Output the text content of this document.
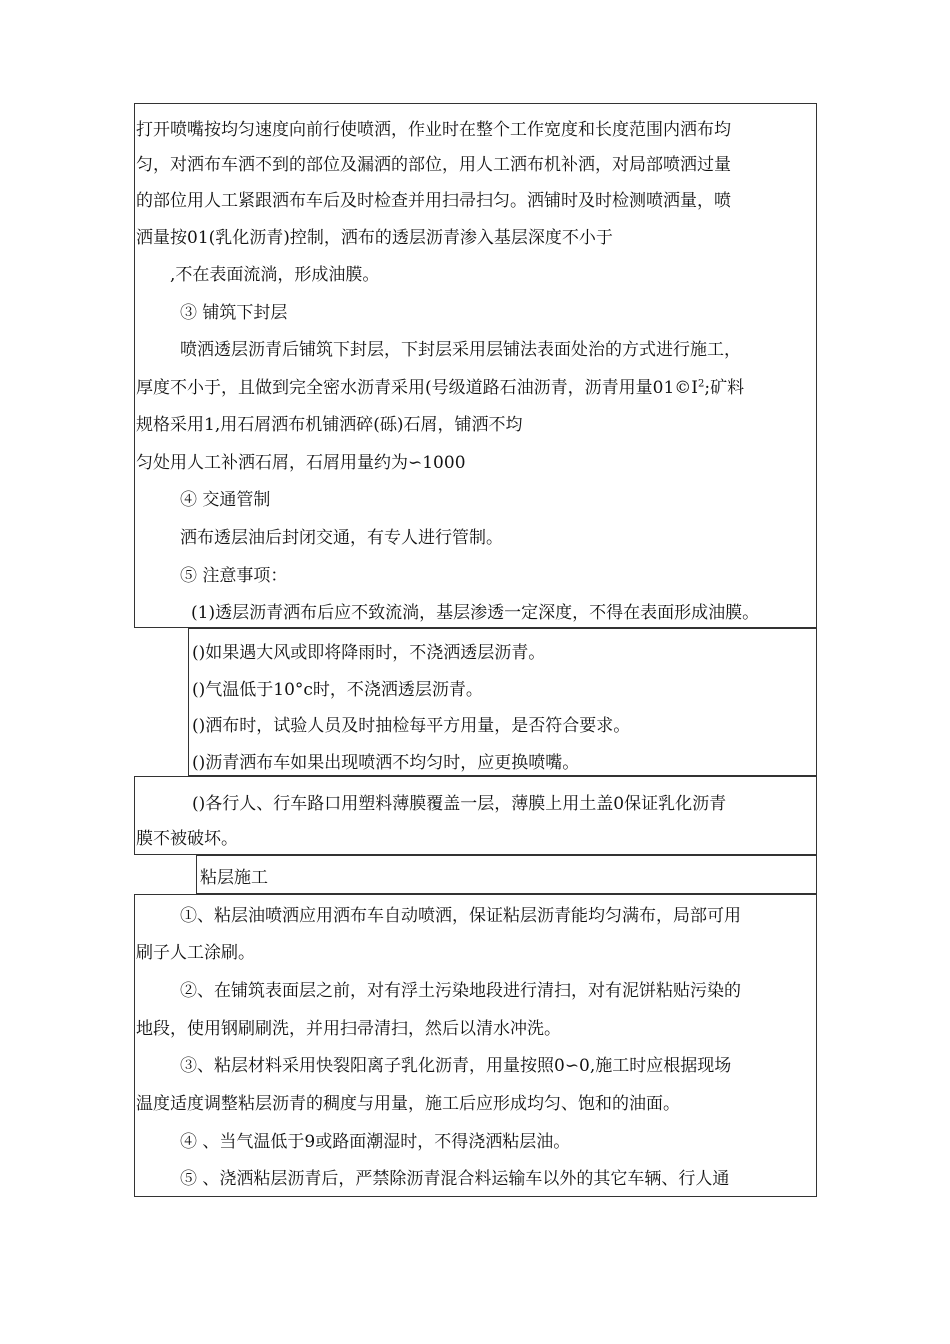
打开喷嘴按均匀速度向前行使喷洒，作业时在整个工作宽度和长度范围内洒布均
匀，对洒布车洒不到的部位及漏洒的部位，用人工洒布机补洒，对局部喷洒过量
的部位用人工紧跟洒布车后及时检查并用扫帚扫匀。洒铺时及时检测喷洒量，喷
洒量按01(乳化沥青)控制，洒布的透层沥青渗入基层深度不小于
,不在表面流淌，形成油膜。
③ 铺筑下封层
喷洒透层沥青后铺筑下封层，下封层采用层铺法表面处治的方式进行施工，
厚度不小于，且做到完全密水沥青采用(号级道路石油沥青，沥青用量$01©I^2$;矿料
规格采用1,用石屑洒布机铺洒碎(砾)石屑，铺洒不均
匀处用人工补洒石屑，石屑用量约为∽1000
④ 交通管制
洒布透层油后封闭交通，有专人进行管制。
⑤ 注意事项：
(1)透层沥青洒布后应不致流淌，基层渗透一定深度，不得在表面形成油膜。
()如果遇大风或即将降雨时，不浇洒透层沥青。
()气温低于10°c时，不浇洒透层沥青。
()洒布时，试验人员及时抽检每平方用量，是否符合要求。
()沥青洒布车如果出现喷洒不均匀时，应更换喷嘴。
()各行人、行车路口用塑料薄膜覆盖一层，薄膜上用土盖0保证乳化沥青
膜不被破坏。
粘层施工
①、粘层油喷洒应用洒布车自动喷洒，保证粘层沥青能均匀满布，局部可用
刷子人工涂刷。
②、在铺筑表面层之前，对有浮土污染地段进行清扫，对有泥饼粘贴污染的
地段，使用钢刷刷洗，并用扫帚清扫，然后以清水冲洗。
③、粘层材料采用快裂阳离子乳化沥青，用量按照0∽0,施工时应根据现场
温度适度调整粘层沥青的稠度与用量，施工后应形成均匀、饱和的油面。
④ 、当气温低于9或路面潮湿时，不得浇洒粘层油。
⑤ 、浇洒粘层沥青后，严禁除沥青混合料运输车以外的其它车辆、行人通
